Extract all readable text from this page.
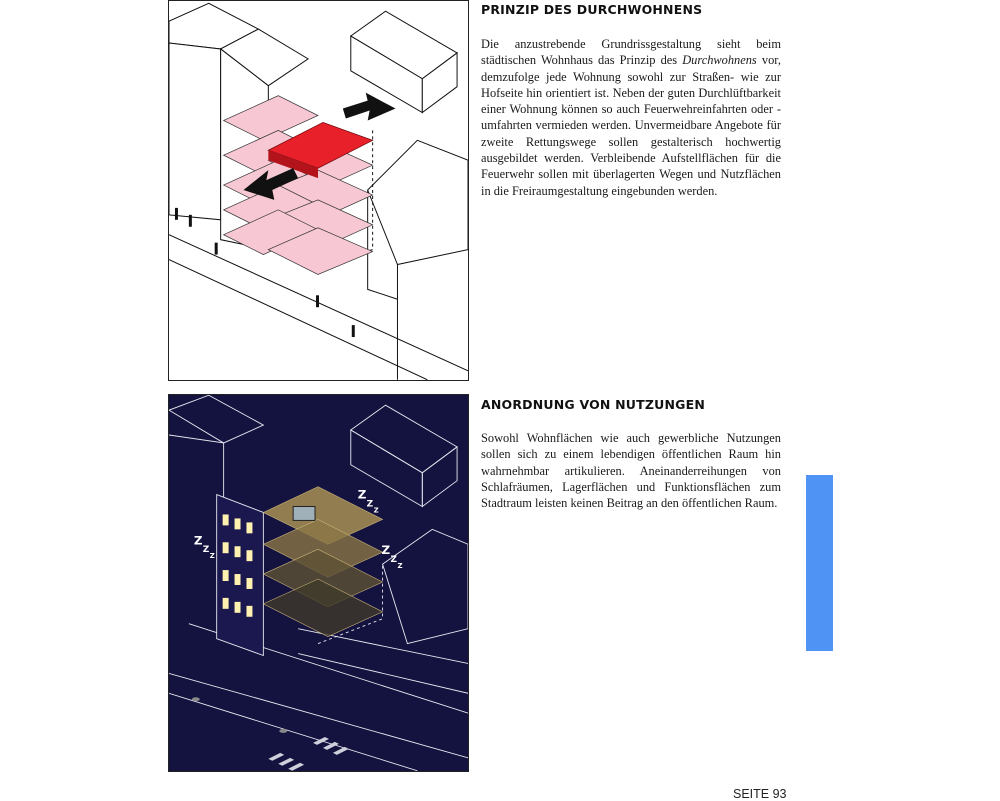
Z
Z
Z
Z
Z
Z	Z
Z
Z
PRINZIP DES DURCHWOHNENS

Die anzustrebende Grundrissgestaltung sieht beim städtischen Wohnhaus das Prinzip des Durchwohnens vor, demzufolge jede Wohnung sowohl zur Straßen- wie zur Hofseite hin orientiert ist. Neben der guten Durchlüftbarkeit einer Wohnung können so auch Feuerwehreinfahrten oder -umfahrten vermieden werden. Unvermeidbare Angebote für zweite Rettungswege sollen gestalterisch hochwertig ausgebildet werden. Verbleibende Aufstellflächen für die Feuerwehr sollen mit überlagerten Wegen und Nutzflächen in die Freiraumgestaltung eingebunden werden.

ANORDNUNG VON NUTZUNGEN

Sowohl Wohnflächen wie auch gewerbliche Nutzungen sollen sich zu einem lebendigen öffentlichen Raum hin wahrnehmbar artikulieren. Aneinanderreihungen von Schlafräumen, Lagerflächen und Funktionsflächen zum Stadtraum leisten keinen Beitrag an den öffentlichen Raum.

SEITE 93
